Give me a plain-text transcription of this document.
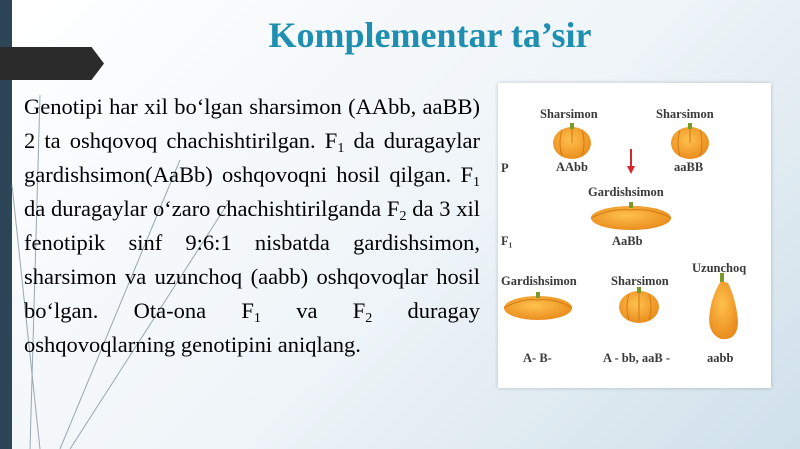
Komplementar ta’sir
Genotipi har xil bo‘lgan sharsimon (AAbb, aaBB) 2 ta oshqovoq chachishtirilgan. $F_1$ da duragaylar gardishsimon(AaBb) oshqovoqni hosil qilgan. $F_1$ da duragaylar o‘zaro chachishtirilganda $F_2$ da 3 xil fenotipik sinf 9:6:1 nisbatda gardishsimon, sharsimon va uzunchoq (aabb) oshqovoqlar hosil bo‘lgan. Ota-ona $F_1$ va $F_2$ duragay oshqovoqlarning genotipini aniqlang.
Sharsimon	Sharsimon
P	AAbb	aaBB
Gardishsimon
F₁	AaBb
Gardishsimon	Sharsimon
Uzunchoq
A- B-	A - bb, aaB -	aabb
